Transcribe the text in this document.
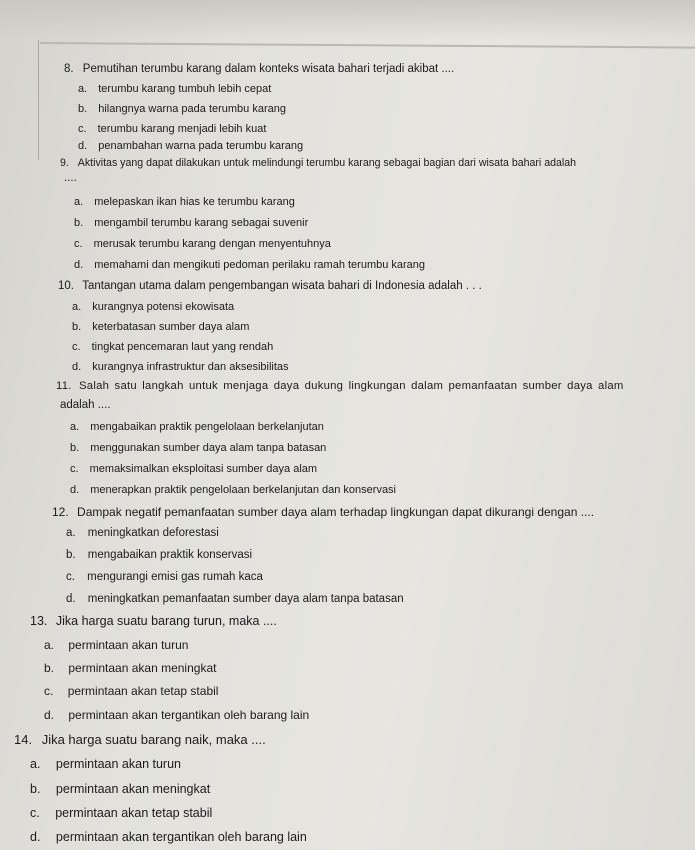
8. Pemutihan terumbu karang dalam konteks wisata bahari terjadi akibat ....
a. terumbu karang tumbuh lebih cepat
b. hilangnya warna pada terumbu karang
c. terumbu karang menjadi lebih kuat
d. penambahan warna pada terumbu karang
9. Aktivitas yang dapat dilakukan untuk melindungi terumbu karang sebagai bagian dari wisata bahari adalah
....
a. melepaskan ikan hias ke terumbu karang
b. mengambil terumbu karang sebagai suvenir
c. merusak terumbu karang dengan menyentuhnya
d. memahami dan mengikuti pedoman perilaku ramah terumbu karang
10. Tantangan utama dalam pengembangan wisata bahari di Indonesia adalah . . .
a. kurangnya potensi ekowisata
b. keterbatasan sumber daya alam
c. tingkat pencemaran laut yang rendah
d. kurangnya infrastruktur dan aksesibilitas
11. Salah satu langkah untuk menjaga daya dukung lingkungan dalam pemanfaatan sumber daya alam
adalah ....
a. mengabaikan praktik pengelolaan berkelanjutan
b. menggunakan sumber daya alam tanpa batasan
c. memaksimalkan eksploitasi sumber daya alam
d. menerapkan praktik pengelolaan berkelanjutan dan konservasi
12. Dampak negatif pemanfaatan sumber daya alam terhadap lingkungan dapat dikurangi dengan ....
a. meningkatkan deforestasi
b. mengabaikan praktik konservasi
c. mengurangi emisi gas rumah kaca
d. meningkatkan pemanfaatan sumber daya alam tanpa batasan
13. Jika harga suatu barang turun, maka ....
a. permintaan akan turun
b. permintaan akan meningkat
c. permintaan akan tetap stabil
d. permintaan akan tergantikan oleh barang lain
14. Jika harga suatu barang naik, maka ....
a. permintaan akan turun
b. permintaan akan meningkat
c. permintaan akan tetap stabil
d. permintaan akan tergantikan oleh barang lain
